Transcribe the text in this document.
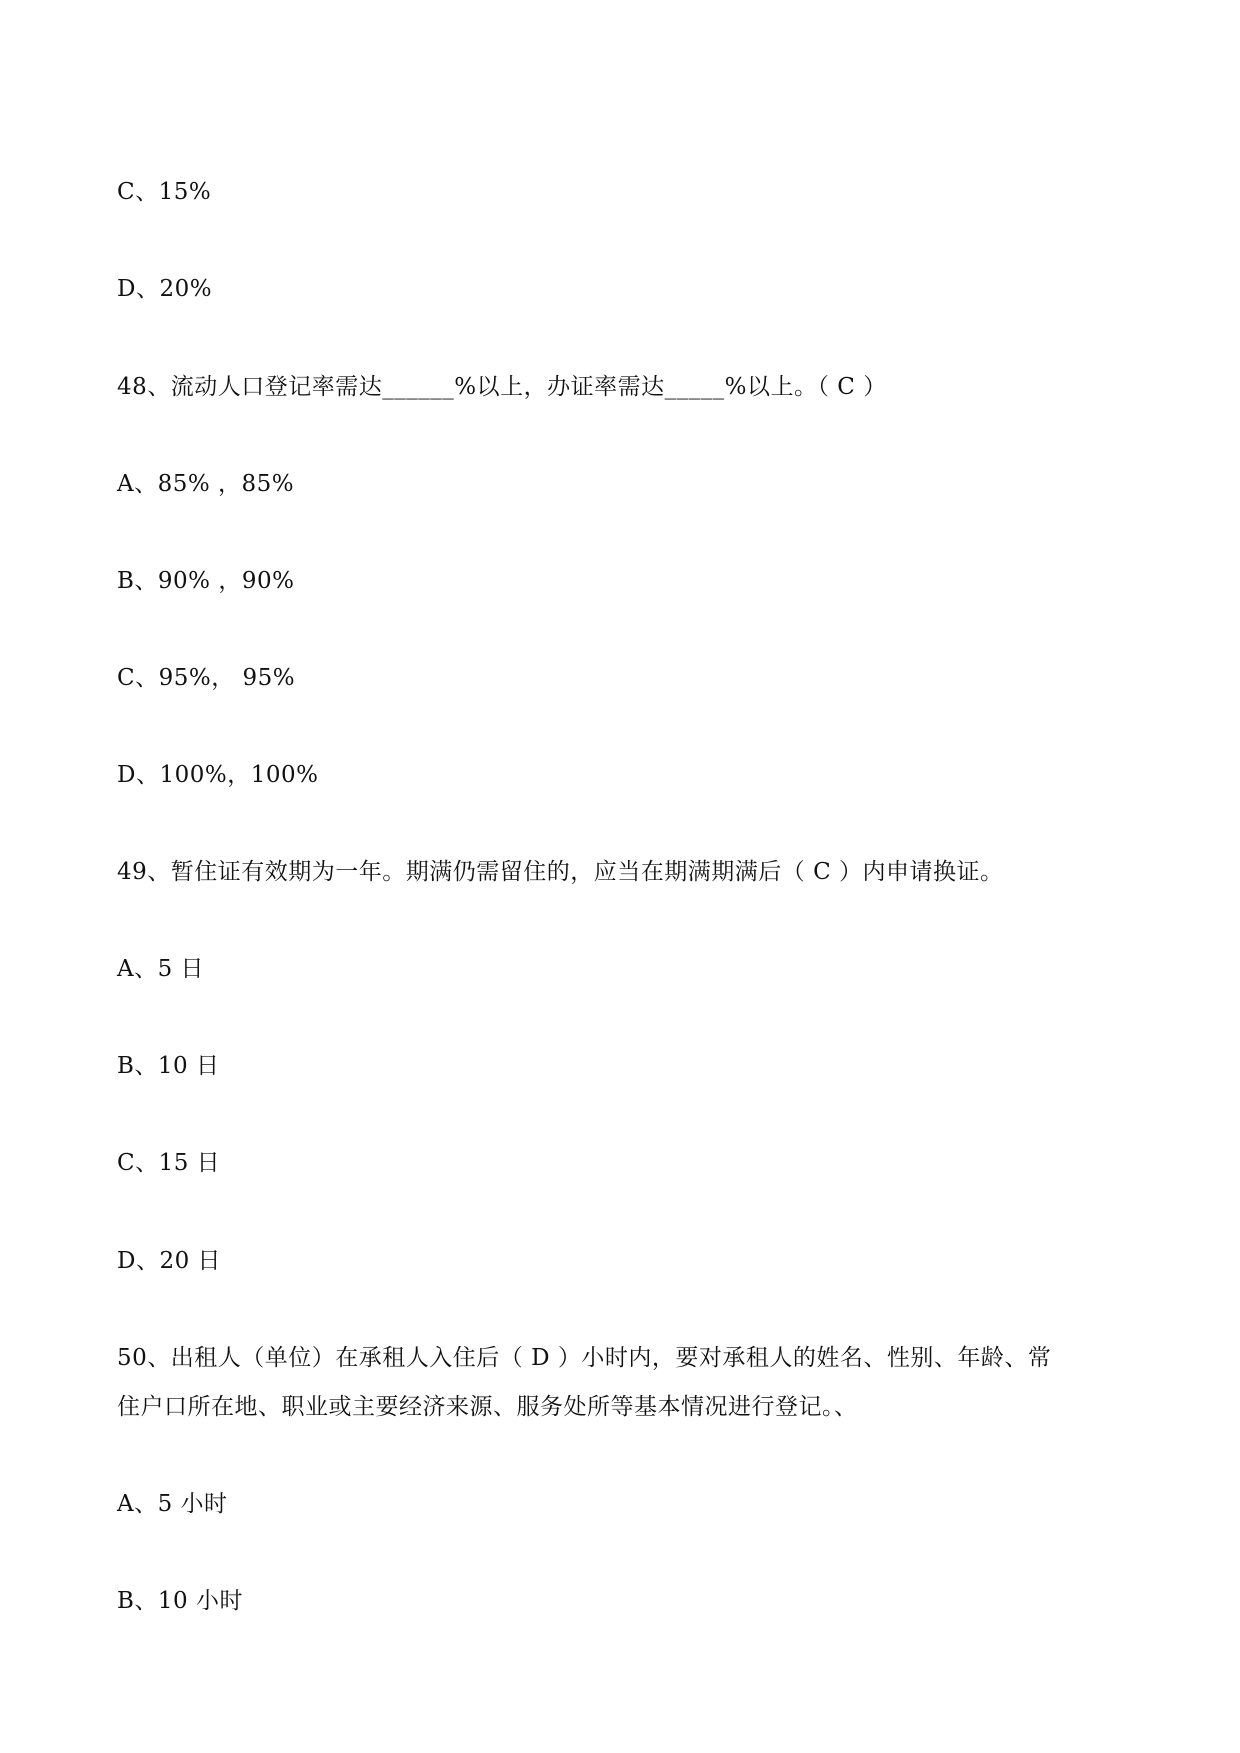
C、15%
D、20%
48、流动人口登记率需达______%以上，办证率需达_____%以上。（ C ）
A、85% ，85%
B、90% ，90%
C、95%， 95%
D、100%，100%
49、暂住证有效期为一年。期满仍需留住的，应当在期满期满后（ C ）内申请换证。
A、5 日
B、10 日
C、15 日
D、20 日
50、出租人（单位）在承租人入住后（ D ）小时内，要对承租人的姓名、性别、年龄、常
住户口所在地、职业或主要经济来源、服务处所等基本情况进行登记。、
A、5 小时
B、10 小时
